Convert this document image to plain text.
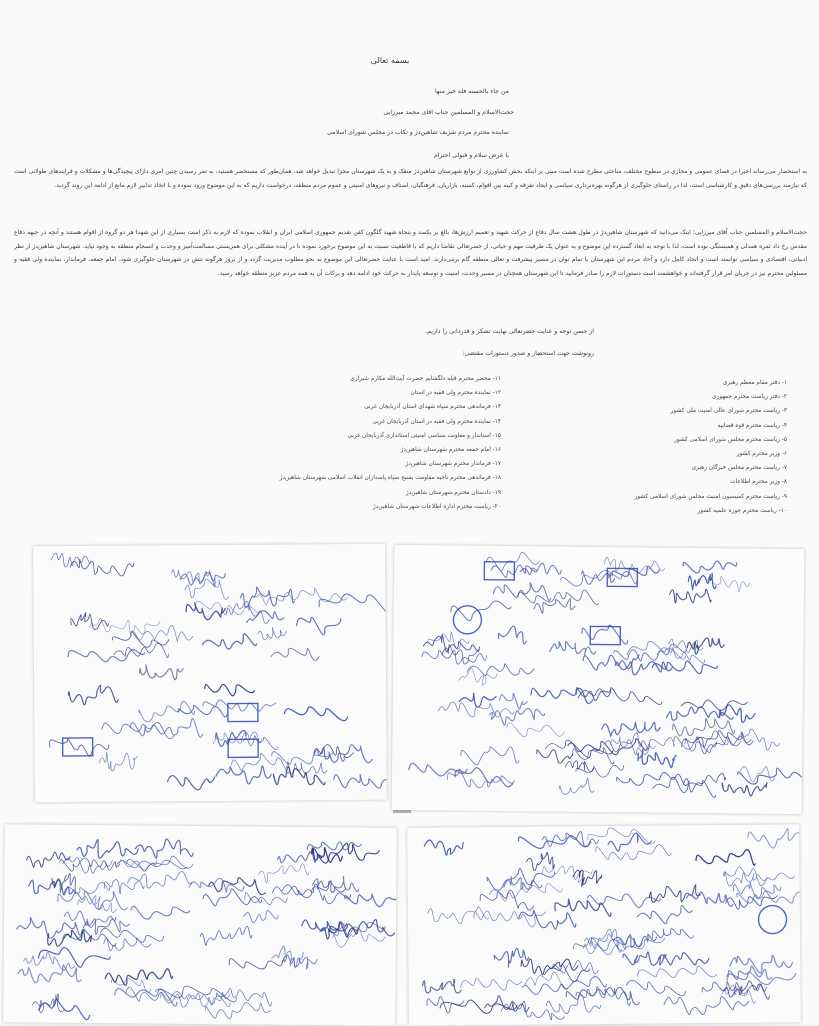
بسمه تعالی
من جاء بالحسنه فله خیر منها
حجت‌الاسلام و المسلمین جناب آقای محمد میرزایی
نماینده محترم مردم شریف شاهین‌دژ و تکاب در مجلس شورای اسلامی
با عرض سلام و قبولی احترام
به استحضار می‌رساند اخیرا در فضای عمومی و مجازی در سطوح مختلف، مباحثی مطرح شده است مبنی بر اینکه بخش کشاورزی از توابع شهرستان شاهین‌دژ منفک و به یک شهرستان مجزا تبدیل خواهد شد، همان‌طور که مستحضر هستید، به تمر رسیدن چنین امری دارای پیچیدگی‌ها و مشکلات و فرایندهای طولانی است که نیازمند بررسی‌های دقیق و کارشناسی است، لذا در راستای جلوگیری از هرگونه بهره‌برداری سیاسی و ایجاد تفرقه و کینه بین اقوام، کسبه، بازاریان، فرهنگیان، اصناف و نیروهای امنیتی و عموم مردم منطقه، درخواست داریم که به این موضوع ورود نموده و با اتخاذ تدابیر لازم مانع از ادامه این روند گردید.
حجت‌الاسلام و المسلمین جناب آقای میرزایی؛ اینک می‌دانید که شهرستان شاهین‌دژ در طول هشت سال دفاع از حرکت شهید و تعمیم ارزش‌ها، بالغ بر یکصد و پنجاه شهید گلگون کفن تقدیم جمهوری اسلامی ایران و انقلاب نموده که لازم به ذکر است بسیاری از این شهدا هر دو گروه از اقوام هستند و آنچه در جبهه دفاع مقدس رخ داد ثمره همدلی و همبستگی بوده است، لذا با توجه به ابعاد گسترده این موضوع و به عنوان یک ظرفیت مهم و حیاتی، از حضرتعالی تقاضا داریم که با قاطعیت نسبت به این موضوع برخورد نموده تا در آینده مشکلی برای همزیستی مسالمت‌آمیز و وحدت و انسجام منطقه به وجود نیاید. شهرستان شاهین‌دژ از نظر ادبیاتی، اقتصادی و سیاسی توانمند است و اتحاد کامل دارد و آحاد مردم این شهرستان با تمام توان در مسیر پیشرفت و تعالی منطقه گام برمی‌دارند. امید است با عنایت حضرتعالی این موضوع به نحو مطلوب مدیریت گردد و از بروز هرگونه تنش در شهرستان جلوگیری شود. امام جمعه، فرماندار، نماینده ولی فقیه و مسئولین محترم نیز در جریان امر قرار گرفته‌اند و خواهشمند است دستورات لازم را صادر فرمایید تا این شهرستان همچنان در مسیر وحدت، امنیت و توسعه پایدار به حرکت خود ادامه دهد و برکات آن به همه مردم عزیز منطقه خواهد رسید.
از حسن توجه و عنایت حضرتعالی نهایت تشکر و قدردانی را داریم.
رونوشت جهت استحضار و صدور دستورات مقتضی:
۱- دفتر مقام معظم رهبری
۲- دفتر ریاست محترم جمهوری
۳- ریاست محترم شورای عالی امنیت ملی کشور
۴- ریاست محترم قوه قضاییه
۵- ریاست محترم مجلس شورای اسلامی کشور
۶- وزیر محترم کشور
۷- ریاست محترم مجلس خبرگان رهبری
۸- وزیر محترم اطلاعات
۹- ریاست محترم کمیسیون امنیت مجلس شورای اسلامی کشور
۱۰- ریاست محترم حوزه علمیه کشور
۱۱- محضر محترم قبله دلگشایم حضرت آیت‌الله مکارم شیرازی
۱۲- نماینده محترم ولی فقیه در استان
۱۳- فرماندهی محترم سپاه شهدای استان آذربایجان غربی
۱۴- نماینده محترم ولی فقیه در استان آذربایجان غربی
۱۵- استاندار و معاونت سیاسی امنیتی استانداری آذربایجان غربی
۱۶- امام جمعه محترم شهرستان شاهین‌دژ
۱۷- فرماندار محترم شهرستان شاهین‌دژ
۱۸- فرماندهی محترم ناحیه مقاومت بسیج سپاه پاسداران انقلاب اسلامی شهرستان شاهین‌دژ
۱۹- دادستان محترم شهرستان شاهین‌دژ
۲۰- ریاست محترم اداره اطلاعات شهرستان شاهین‌دژ
